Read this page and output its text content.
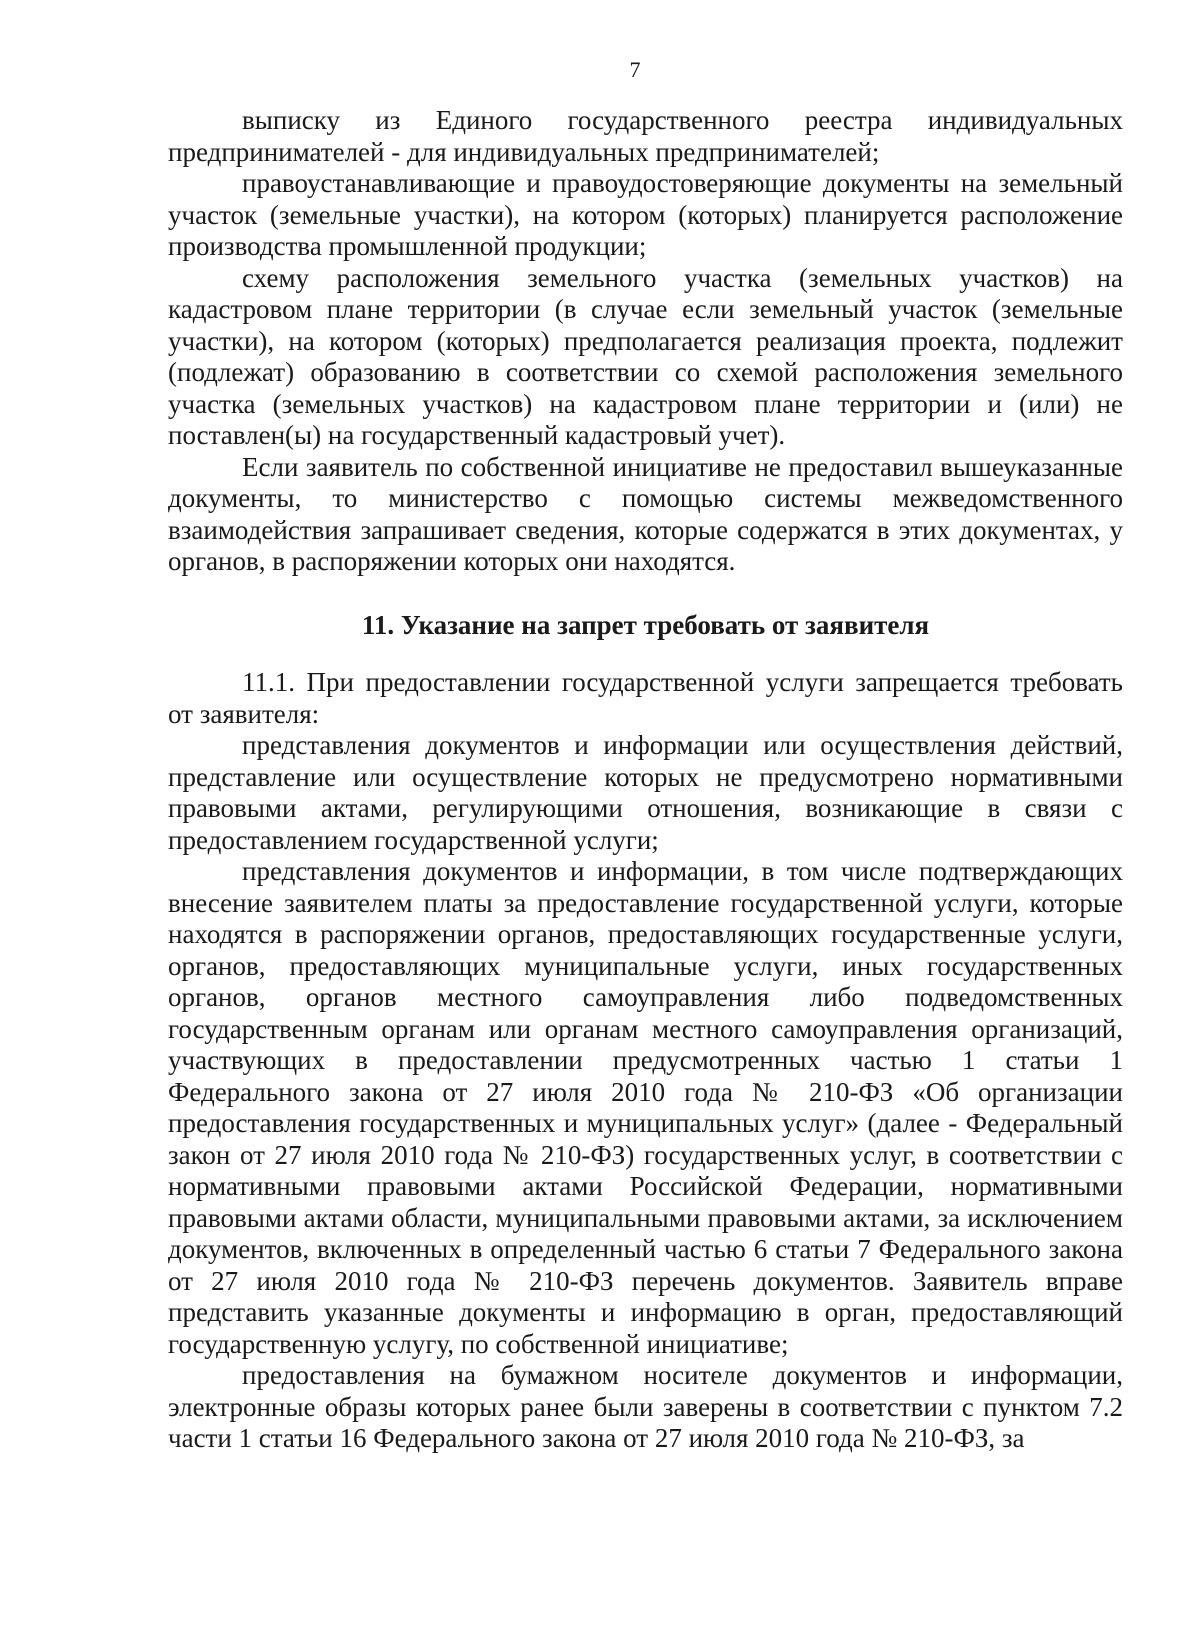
7

выписку из Единого государственного реестра индивидуальных предпринимателей - для индивидуальных предпринимателей;

правоустанавливающие и правоудостоверяющие документы на земельный участок (земельные участки), на котором (которых) планируется расположение производства промышленной продукции;

схему расположения земельного участка (земельных участков) на кадастровом плане территории (в случае если земельный участок (земельные участки), на котором (которых) предполагается реализация проекта, подлежит (подлежат) образованию в соответствии со схемой расположения земельного участка (земельных участков) на кадастровом плане территории и (или) не поставлен(ы) на государственный кадастровый учет).

Если заявитель по собственной инициативе не предоставил вышеуказанные документы, то министерство с помощью системы межведомственного взаимодействия запрашивает сведения, которые содержатся в этих документах, у органов, в распоряжении которых они находятся.

11. Указание на запрет требовать от заявителя

11.1. При предоставлении государственной услуги запрещается требовать от заявителя:

представления документов и информации или осуществления действий, представление или осуществление которых не предусмотрено нормативными правовыми актами, регулирующими отношения, возникающие в связи с предоставлением государственной услуги;

представления документов и информации, в том числе подтверждающих внесение заявителем платы за предоставление государственной услуги, которые находятся в распоряжении органов, предоставляющих государственные услуги, органов, предоставляющих муниципальные услуги, иных государственных органов, органов местного самоуправления либо подведомственных государственным органам или органам местного самоуправления организаций, участвующих в предоставлении предусмотренных частью 1 статьи 1 Федерального закона от 27 июля 2010 года № 210-ФЗ «Об организации предоставления государственных и муниципальных услуг» (далее - Федеральный закон от 27 июля 2010 года № 210-ФЗ) государственных услуг, в соответствии с нормативными правовыми актами Российской Федерации, нормативными правовыми актами области, муниципальными правовыми актами, за исключением документов, включенных в определенный частью 6 статьи 7 Федерального закона от 27 июля 2010 года № 210-ФЗ перечень документов. Заявитель вправе представить указанные документы и информацию в орган, предоставляющий государственную услугу, по собственной инициативе;

предоставления на бумажном носителе документов и информации, электронные образы которых ранее были заверены в соответствии с пунктом 7.2 части 1 статьи 16 Федерального закона от 27 июля 2010 года № 210-ФЗ, за
